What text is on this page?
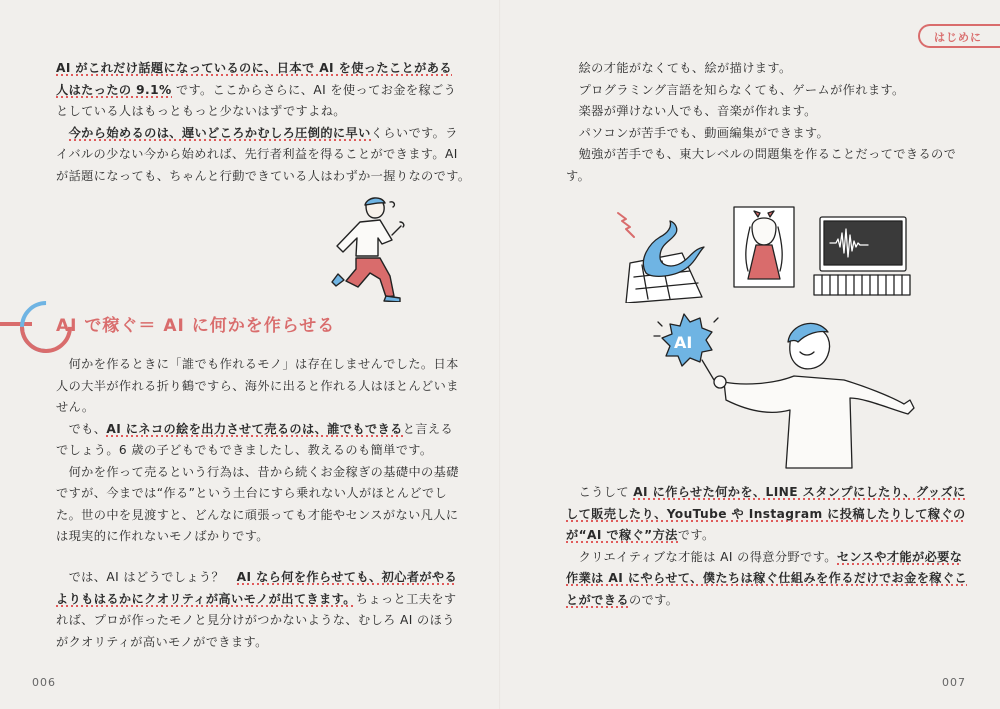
AI がこれだけ話題になっているのに、日本で AI を使ったことがある
人はたったの 9.1% です。ここからさらに、AI を使ってお金を稼ごう
としている人はもっともっと少ないはずですよね。
　今から始めるのは、遅いどころかむしろ圧倒的に早いくらいです。ラ
イバルの少ない今から始めれば、先行者利益を得ることができます。AI
が話題になっても、ちゃんと行動できている人はわずか一握りなのです。
AI で稼ぐ＝ AI に何かを作らせる
　何かを作るときに「誰でも作れるモノ」は存在しませんでした。日本
人の大半が作れる折り鶴ですら、海外に出ると作れる人はほとんどいま
せん。
　でも、AI にネコの絵を出力させて売るのは、誰でもできると言える
でしょう。6 歳の子どもでもできましたし、教えるのも簡単です。
　何かを作って売るという行為は、昔から続くお金稼ぎの基礎中の基礎
ですが、今までは“作る”という土台にすら乗れない人がほとんどでし
た。世の中を見渡すと、どんなに頑張っても才能やセンスがない凡人に
は現実的に作れないモノばかりです。
　では、AI はどうでしょう？　AI なら何を作らせても、初心者がやる
よりもはるかにクオリティが高いモノが出てきます。ちょっと工夫をす
れば、プロが作ったモノと見分けがつかないような、むしろ AI のほう
がクオリティが高いモノができます。
006
はじめに
　絵の才能がなくても、絵が描けます。
　プログラミング言語を知らなくても、ゲームが作れます。
　楽器が弾けない人でも、音楽が作れます。
　パソコンが苦手でも、動画編集ができます。
　勉強が苦手でも、東大レベルの問題集を作ることだってできるので
す。
AI
　こうして AI に作らせた何かを、LINE スタンプにしたり、グッズに
して販売したり、YouTube や Instagram に投稿したりして稼ぐの
が“AI で稼ぐ”方法です。
　クリエイティブな才能は AI の得意分野です。センスや才能が必要な
作業は AI にやらせて、僕たちは稼ぐ仕組みを作るだけでお金を稼ぐこ
とができるのです。
007
